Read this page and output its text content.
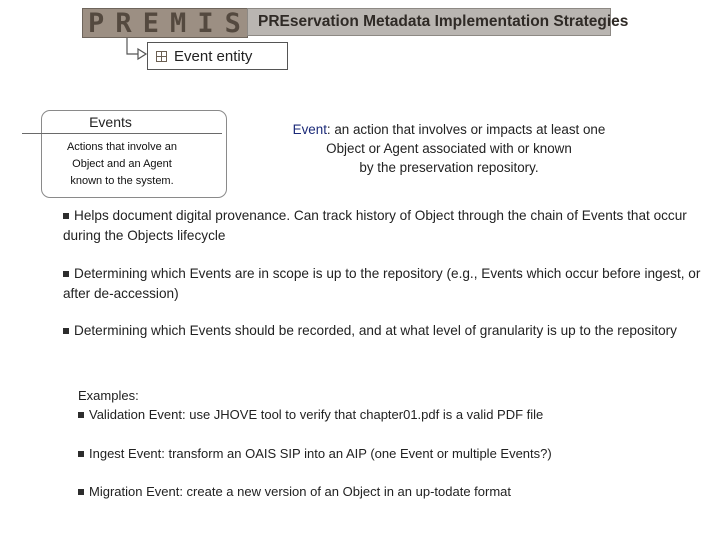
P R E M I S PREservation Metadata Implementation Strategies
Event entity
Events
Actions that involve an
Object and an Agent
known to the system.
Event: an action that involves or impacts at least one
Object or Agent associated with or known
by the preservation repository.
Helps document digital provenance. Can track history of Object through the chain of Events that occur during the Objects lifecycle
Determining which Events are in scope is up to the repository (e.g., Events which occur before ingest, or after de-accession)
Determining which Events should be recorded, and at what level of granularity is up to the repository
Examples:
Validation Event: use JHOVE tool to verify that chapter01.pdf is a valid PDF file
Ingest Event: transform an OAIS SIP into an AIP (one Event or multiple Events?)
Migration Event: create a new version of an Object in an up-todate format
